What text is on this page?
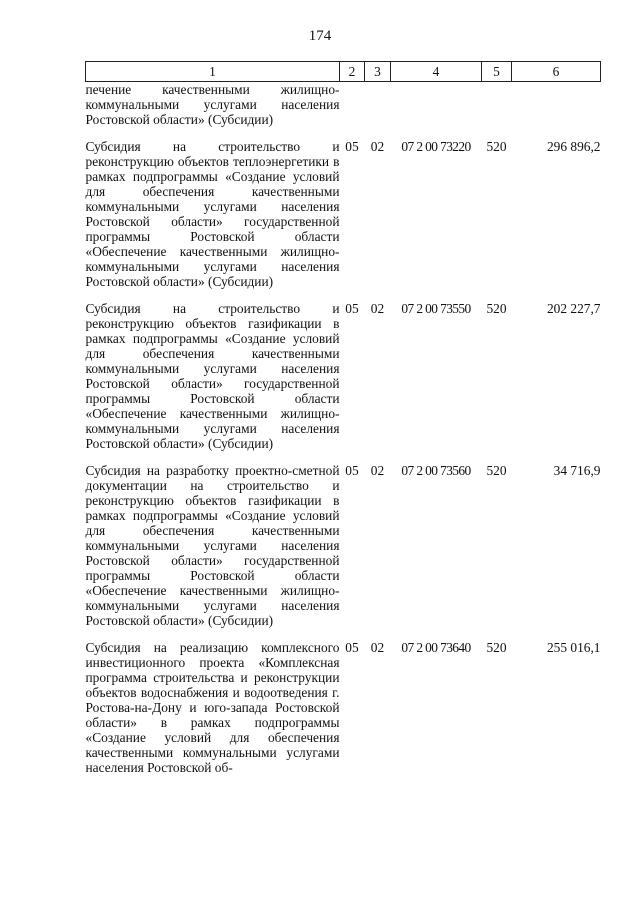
174
1	2	3	4	5	6
печение качественными жилищно-коммунальными услугами населения Ростовской области» (Субсидии)					
Субсидия на строительство и реконструкцию объектов теплоэнергетики в рамках подпрограммы «Создание условий для обеспечения качественными коммунальными услугами населения Ростовской области» государственной программы Ростовской области «Обеспечение качественными жилищно-коммунальными услугами населения Ростовской области» (Субсидии)	05	02	07 2 00 73220	520	296 896,2
Субсидия на строительство и реконструкцию объектов газификации в рамках подпрограммы «Создание условий для обеспечения качественными коммунальными услугами населения Ростовской области» государственной программы Ростовской области «Обеспечение качественными жилищно-коммунальными услугами населения Ростовской области» (Субсидии)	05	02	07 2 00 73550	520	202 227,7
Субсидия на разработку проектно-сметной документации на строительство и реконструкцию объектов газификации в рамках подпрограммы «Создание условий для обеспечения качественными коммунальными услугами населения Ростовской области» государственной программы Ростовской области «Обеспечение качественными жилищно-коммунальными услугами населения Ростовской области» (Субсидии)	05	02	07 2 00 73560	520	34 716,9
Субсидия на реализацию комплексного инвестиционного проекта «Комплексная программа строительства и реконструкции объектов водоснабжения и водоотведения г. Ростова-на-Дону и юго-запада Ростовской области» в рамках подпрограммы «Создание условий для обеспечения качественными коммунальными услугами населения Ростовской об-	05	02	07 2 00 73640	520	255 016,1
